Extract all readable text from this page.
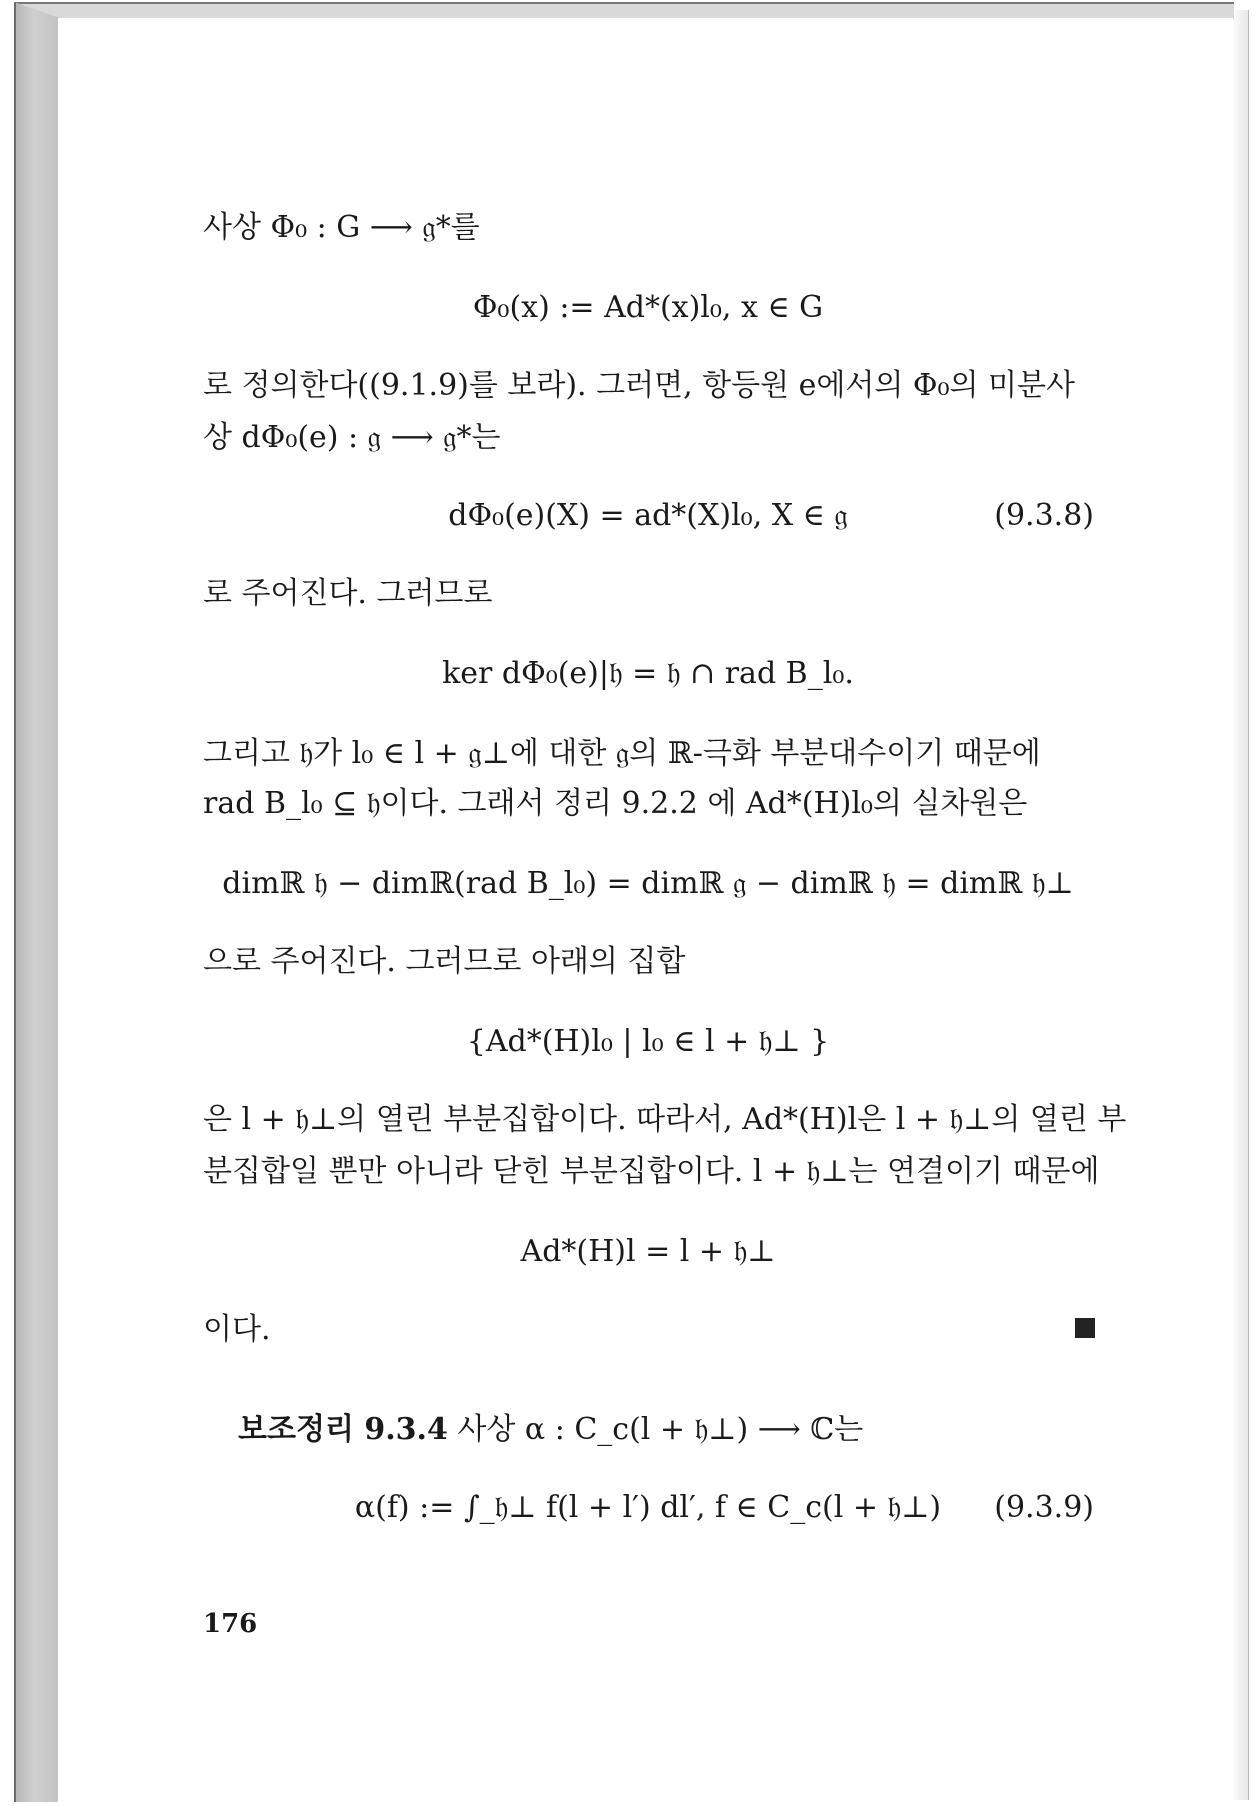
사상 Φ₀ : G ⟶ 𝔤*를
Φ₀(x) := Ad*(x)l₀, x ∈ G
로 정의한다((9.1.9)를 보라). 그러면, 항등원 e에서의 Φ₀의 미분사
상 dΦ₀(e) : 𝔤 ⟶ 𝔤*는
dΦ₀(e)(X) = ad*(X)l₀, X ∈ 𝔤	(9.3.8)
로 주어진다. 그러므로
ker dΦ₀(e)|𝔥 = 𝔥 ∩ rad B_l₀.
그리고 𝔥가 l₀ ∈ l + 𝔤⊥에 대한 𝔤의 ℝ-극화 부분대수이기 때문에
rad B_l₀ ⊆ 𝔥이다. 그래서 정리 9.2.2 에 Ad*(H)l₀의 실차원은
dimℝ 𝔥 − dimℝ(rad B_l₀) = dimℝ 𝔤 − dimℝ 𝔥 = dimℝ 𝔥⊥
으로 주어진다. 그러므로 아래의 집합
{Ad*(H)l₀ | l₀ ∈ l + 𝔥⊥ }
은 l + 𝔥⊥의 열린 부분집합이다. 따라서, Ad*(H)l은 l + 𝔥⊥의 열린 부
분집합일 뿐만 아니라 닫힌 부분집합이다. l + 𝔥⊥는 연결이기 때문에
Ad*(H)l = l + 𝔥⊥
이다.
보조정리 9.3.4 사상 α : C_c(l + 𝔥⊥) ⟶ ℂ는
α(f) := ∫_𝔥⊥ f(l + l′) dl′, f ∈ C_c(l + 𝔥⊥)	(9.3.9)
176
